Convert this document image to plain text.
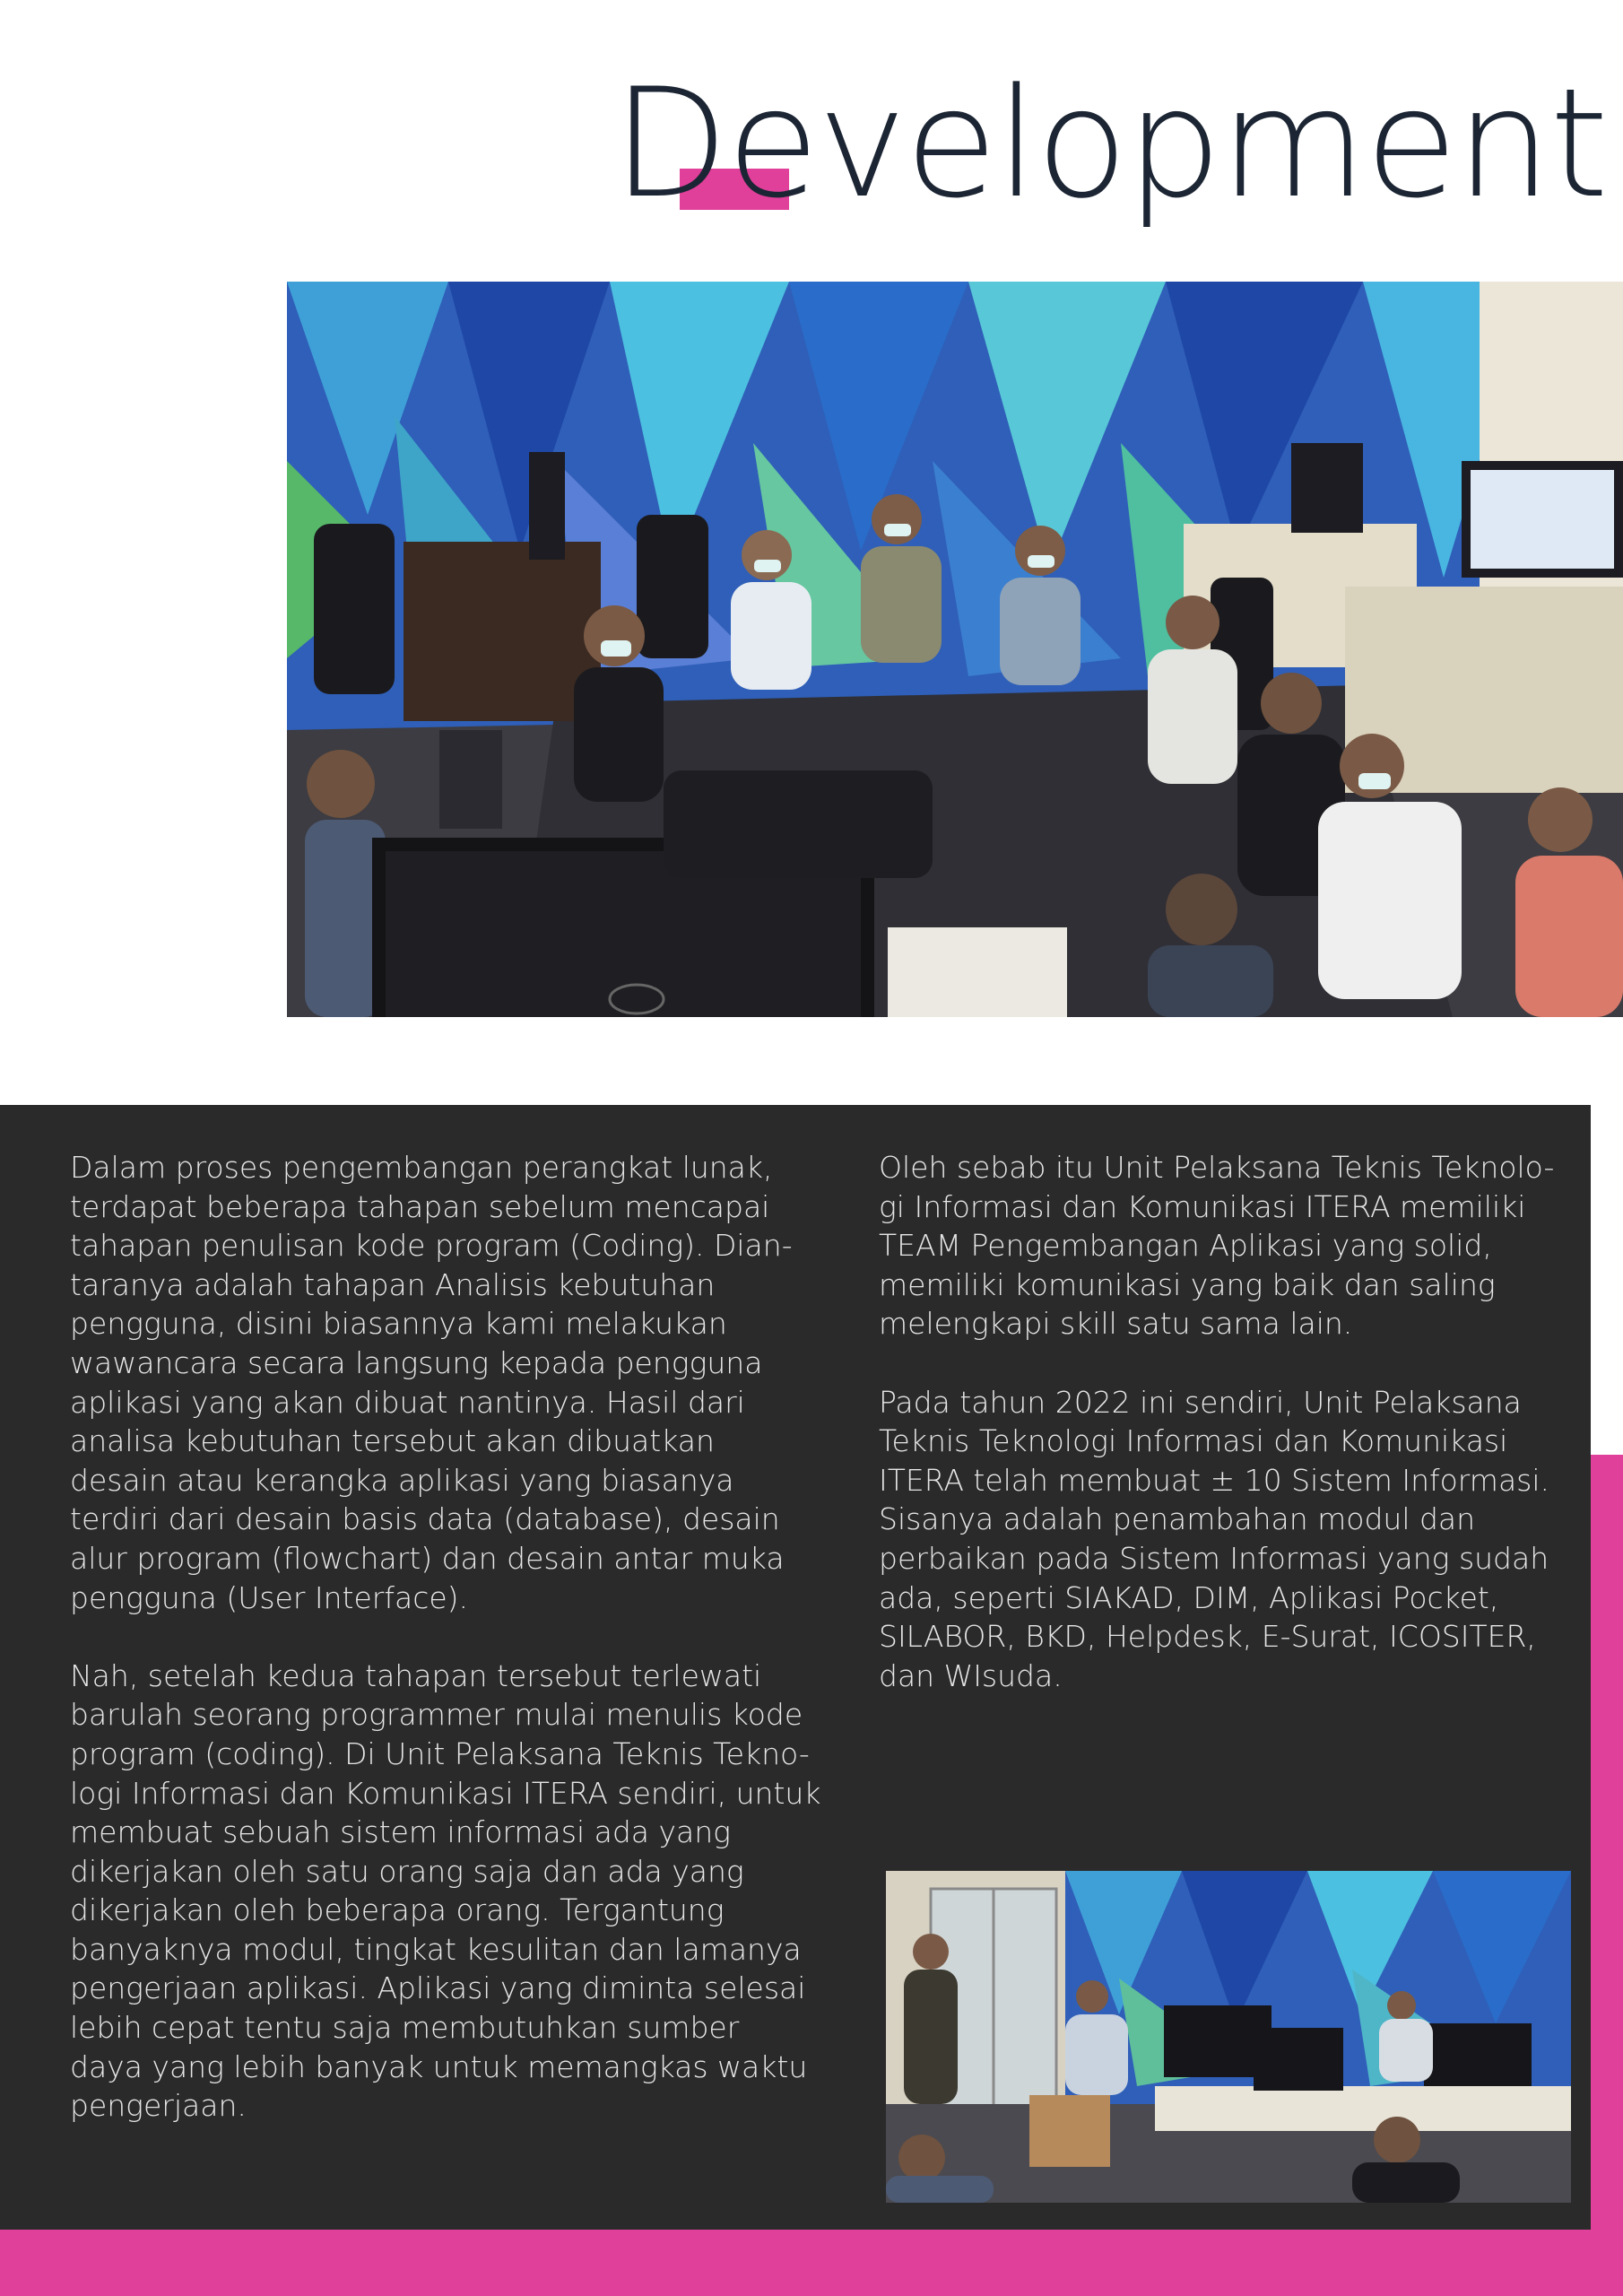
Development

Dalam proses pengembangan perangkat lunak,
terdapat beberapa tahapan sebelum mencapai
tahapan penulisan kode program (Coding). Dian-
taranya adalah tahapan Analisis kebutuhan
pengguna, disini biasannya kami melakukan
wawancara secara langsung kepada pengguna
aplikasi yang akan dibuat nantinya. Hasil dari
analisa kebutuhan tersebut akan dibuatkan
desain atau kerangka aplikasi yang biasanya
terdiri dari desain basis data (database), desain
alur program (flowchart) dan desain antar muka
pengguna (User Interface).

Nah, setelah kedua tahapan tersebut terlewati
barulah seorang programmer mulai menulis kode
program (coding). Di Unit Pelaksana Teknis Tekno-
logi Informasi dan Komunikasi ITERA sendiri, untuk
membuat sebuah sistem informasi ada yang
dikerjakan oleh satu orang saja dan ada yang
dikerjakan oleh beberapa orang. Tergantung
banyaknya modul, tingkat kesulitan dan lamanya
pengerjaan aplikasi. Aplikasi yang diminta selesai
lebih cepat tentu saja membutuhkan sumber
daya yang lebih banyak untuk memangkas waktu
pengerjaan.

Oleh sebab itu Unit Pelaksana Teknis Teknolo-
gi Informasi dan Komunikasi ITERA memiliki
TEAM Pengembangan Aplikasi yang solid,
memiliki komunikasi yang baik dan saling
melengkapi skill satu sama lain.

Pada tahun 2022 ini sendiri, Unit Pelaksana
Teknis Teknologi Informasi dan Komunikasi
ITERA telah membuat ± 10 Sistem Informasi.
Sisanya adalah penambahan modul dan
perbaikan pada Sistem Informasi yang sudah
ada, seperti SIAKAD, DIM, Aplikasi Pocket,
SILABOR, BKD, Helpdesk, E-Surat, ICOSITER,
dan WIsuda.
